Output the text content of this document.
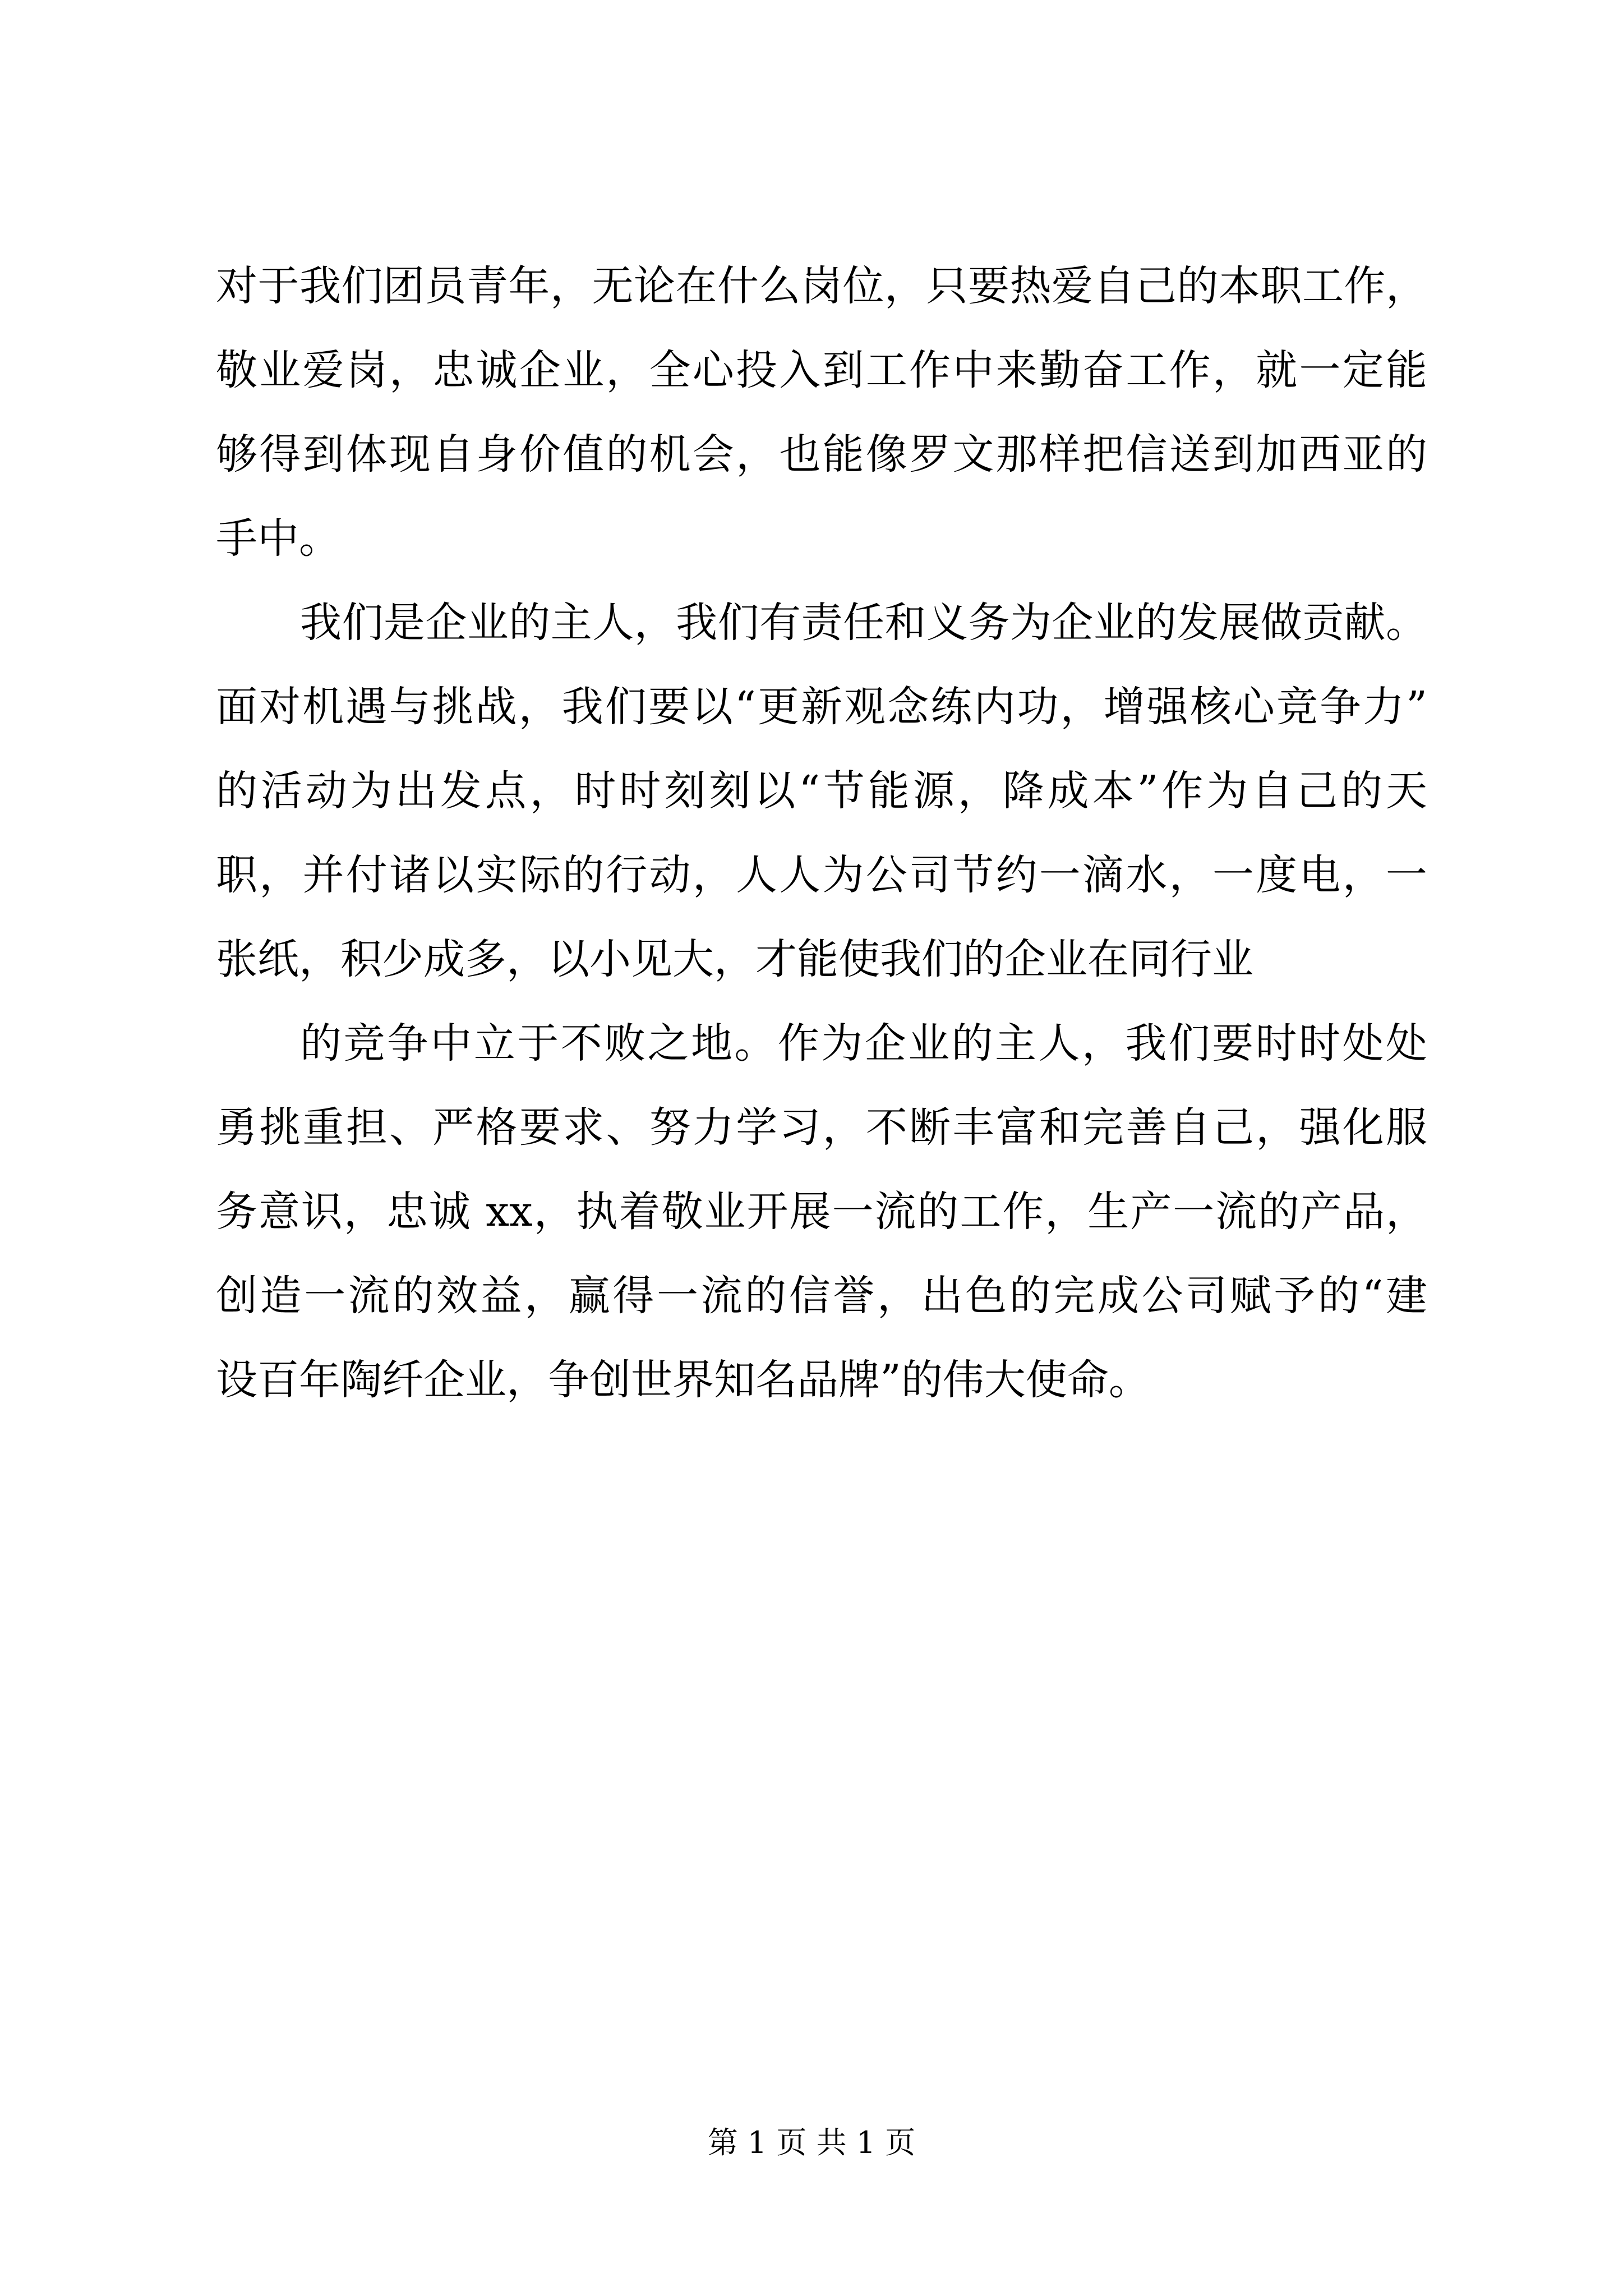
对于我们团员青年，无论在什么岗位，只要热爱自己的本职工作，
敬业爱岗，忠诚企业，全心投入到工作中来勤奋工作，就一定能
够得到体现自身价值的机会，也能像罗文那样把信送到加西亚的
手中。
我们是企业的主人，我们有责任和义务为企业的发展做贡献。
面对机遇与挑战，我们要以“更新观念练内功，增强核心竞争力”
的活动为出发点，时时刻刻以“节能源，降成本”作为自己的天
职，并付诸以实际的行动，人人为公司节约一滴水，一度电，一
张纸，积少成多，以小见大，才能使我们的企业在同行业
的竞争中立于不败之地。作为企业的主人，我们要时时处处
勇挑重担、严格要求、努力学习，不断丰富和完善自己，强化服
务意识，忠诚 xx，执着敬业开展一流的工作，生产一流的产品，
创造一流的效益，赢得一流的信誉，出色的完成公司赋予的“建
设百年陶纤企业，争创世界知名品牌”的伟大使命。
第 1 页 共 1 页
